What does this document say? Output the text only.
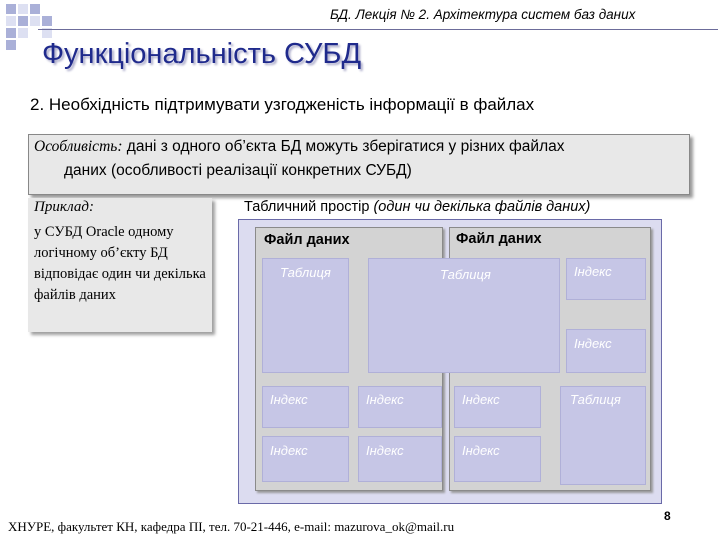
БД. Лекція № 2. Архітектура систем баз даних
Функціональність СУБД
2. Необхідність підтримувати узгодженість інформації в файлах
Особливість: дані з одного об’єкта БД можуть зберігатися у різних файлах
даних (особливості реалізації конкретних СУБД)
Приклад:
у СУБД Oracle одному логічному об’єкту БД відповідає один чи декілька файлів даних
Табличний простір (один чи декілька файлів даних)
Файл даних	Файл даних
Таблиця	Таблиця	Індекс
Індекс
Індекс	Індекс	Індекс	Таблиця
Індекс	Індекс	Індекс
ХНУРЕ, факультет КН, кафедра ПІ, тел. 70-21-446, e-mail: mazurova_ok@mail.ru
8
